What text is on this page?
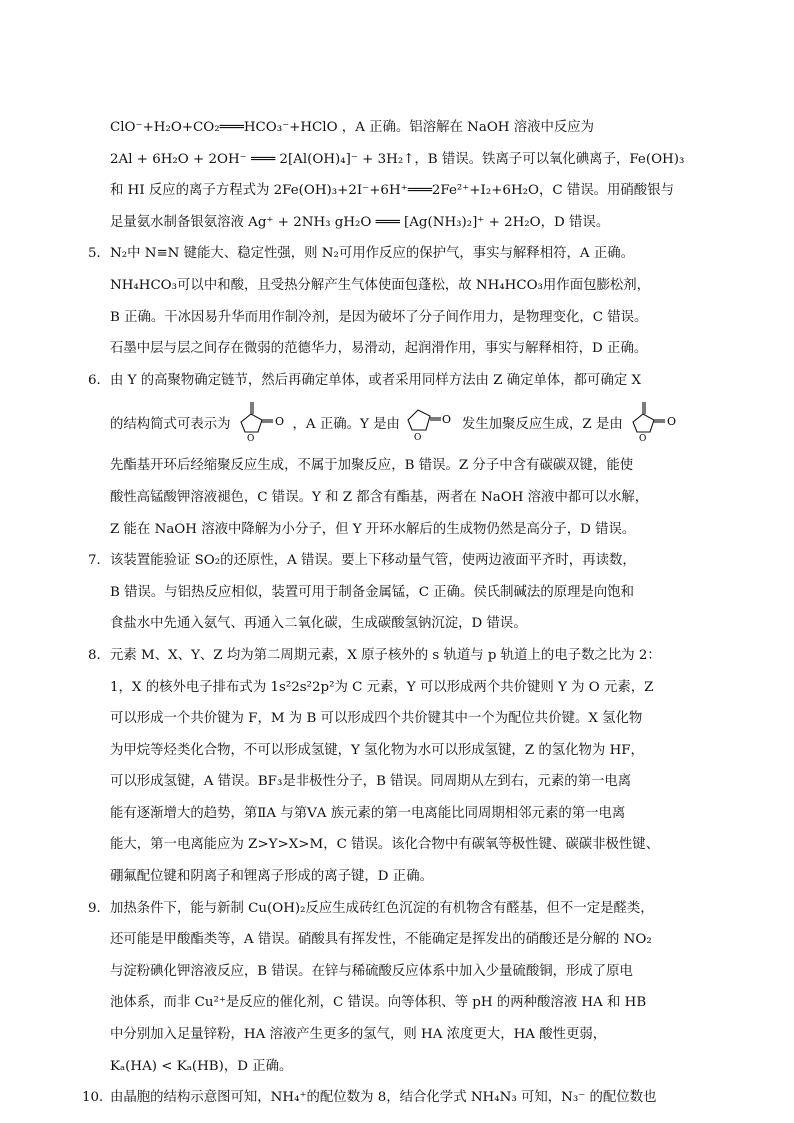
ClO⁻+H₂O+CO₂═══HCO₃⁻+HClO ，A 正确。铝溶解在 NaOH 溶液中反应为
2Al + 6H₂O + 2OH⁻ ═══ 2[Al(OH)₄]⁻ + 3H₂↑，B 错误。铁离子可以氧化碘离子，Fe(OH)₃
和 HI 反应的离子方程式为 2Fe(OH)₃+2I⁻+6H⁺═══2Fe²⁺+I₂+6H₂O，C 错误。用硝酸银与
足量氨水制备银氨溶液 Ag⁺ + 2NH₃ gH₂O ═══ [Ag(NH₃)₂]⁺ + 2H₂O，D 错误。
5． N₂中 N≡N 键能大、稳定性强，则 N₂可用作反应的保护气，事实与解释相符，A 正确。
NH₄HCO₃可以中和酸，且受热分解产生气体使面包蓬松，故 NH₄HCO₃用作面包膨松剂，
B 正确。干冰因易升华而用作制冷剂，是因为破坏了分子间作用力，是物理变化，C 错误。
石墨中层与层之间存在微弱的范德华力，易滑动，起润滑作用，事实与解释相符，D 正确。
6． 由 Y 的高聚物确定链节，然后再确定单体，或者采用同样方法由 Z 确定单体，都可确定 X
的结构简式可表示为	O
O
，A 正确。Y 是由	O
O
发生加聚反应生成，Z 是由	O
O
先酯基开环后经缩聚反应生成，不属于加聚反应，B 错误。Z 分子中含有碳碳双键，能使
酸性高锰酸钾溶液褪色，C 错误。Y 和 Z 都含有酯基，两者在 NaOH 溶液中都可以水解，
Z 能在 NaOH 溶液中降解为小分子，但 Y 开环水解后的生成物仍然是高分子，D 错误。
7． 该装置能验证 SO₂的还原性，A 错误。要上下移动量气管，使两边液面平齐时，再读数，
B 错误。与铝热反应相似，装置可用于制备金属锰，C 正确。侯氏制碱法的原理是向饱和
食盐水中先通入氨气、再通入二氧化碳，生成碳酸氢钠沉淀，D 错误。
8． 元素 M、X、Y、Z 均为第二周期元素，X 原子核外的 s 轨道与 p 轨道上的电子数之比为 2：
1，X 的核外电子排布式为 1s²2s²2p²为 C 元素，Y 可以形成两个共价键则 Y 为 O 元素，Z
可以形成一个共价键为 F，M 为 B 可以形成四个共价键其中一个为配位共价键。X 氢化物
为甲烷等烃类化合物，不可以形成氢键，Y 氢化物为水可以形成氢键，Z 的氢化物为 HF，
可以形成氢键，A 错误。BF₃是非极性分子，B 错误。同周期从左到右，元素的第一电离
能有逐渐增大的趋势，第ⅡA 与第ⅤA 族元素的第一电离能比同周期相邻元素的第一电离
能大，第一电离能应为 Z>Y>X>M，C 错误。该化合物中有碳氧等极性键、碳碳非极性键、
硼氟配位键和阴离子和锂离子形成的离子键，D 正确。
9． 加热条件下，能与新制 Cu(OH)₂反应生成砖红色沉淀的有机物含有醛基，但不一定是醛类，
还可能是甲酸酯类等，A 错误。硝酸具有挥发性，不能确定是挥发出的硝酸还是分解的 NO₂
与淀粉碘化钾溶液反应，B 错误。在锌与稀硫酸反应体系中加入少量硫酸铜，形成了原电
池体系，而非 Cu²⁺是反应的催化剂，C 错误。向等体积、等 pH 的两种酸溶液 HA 和 HB
中分别加入足量锌粉，HA 溶液产生更多的氢气，则 HA 浓度更大，HA 酸性更弱，
Kₐ(HA) < Kₐ(HB)，D 正确。
10．
由晶胞的结构示意图可知，NH₄⁺的配位数为 8，结合化学式 NH₄N₃ 可知，N₃⁻ 的配位数也
